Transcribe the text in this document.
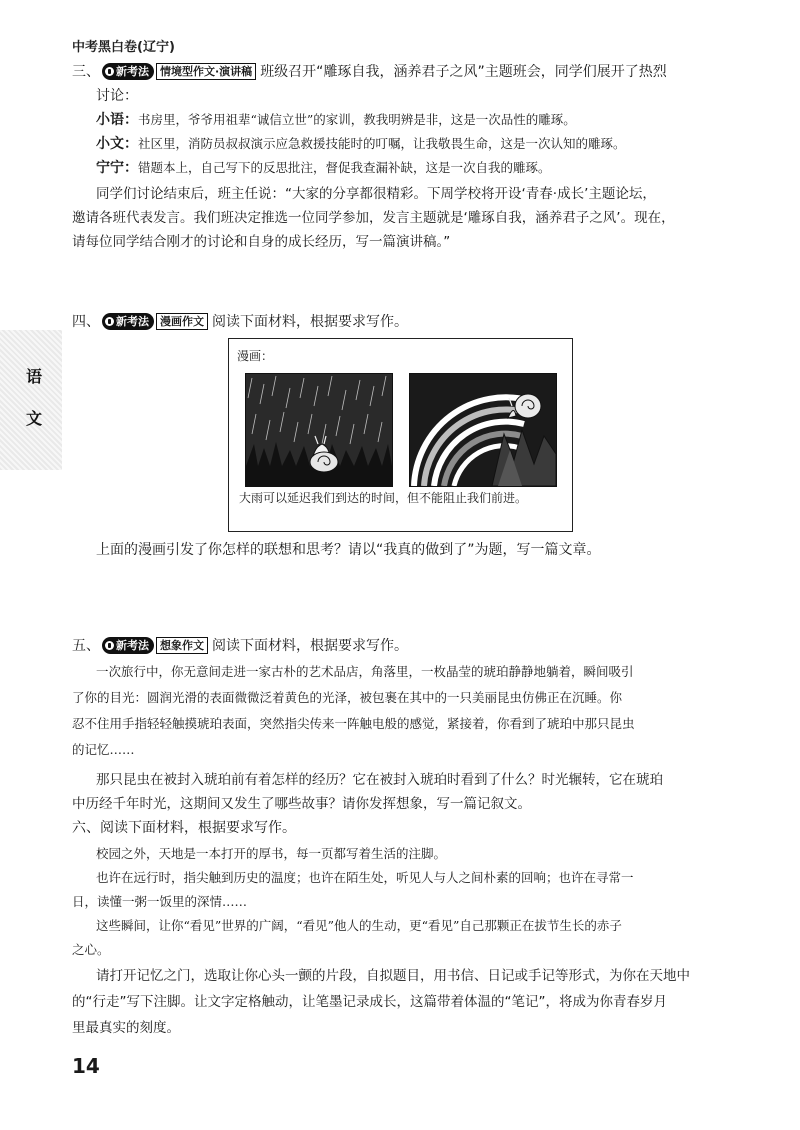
中考黑白卷(辽宁)
语
文
三、 新考法 情境型作文·演讲稿 班级召开“雕琢自我，涵养君子之风”主题班会，同学们展开了热烈
讨论：
小语：书房里，爷爷用祖辈“诚信立世”的家训，教我明辨是非，这是一次品性的雕琢。
小文：社区里，消防员叔叔演示应急救援技能时的叮嘱，让我敬畏生命，这是一次认知的雕琢。
宁宁：错题本上，自己写下的反思批注，督促我查漏补缺，这是一次自我的雕琢。
同学们讨论结束后，班主任说：“大家的分享都很精彩。下周学校将开设‘青春·成长’主题论坛，
邀请各班代表发言。我们班决定推选一位同学参加，发言主题就是‘雕琢自我，涵养君子之风’。现在，
请每位同学结合刚才的讨论和自身的成长经历，写一篇演讲稿。”
四、 新考法 漫画作文 阅读下面材料，根据要求写作。
漫画：
大雨可以延迟我们到达的时间，但不能阻止我们前进。
上面的漫画引发了你怎样的联想和思考？请以“我真的做到了”为题，写一篇文章。
五、 新考法 想象作文 阅读下面材料，根据要求写作。
一次旅行中，你无意间走进一家古朴的艺术品店，角落里，一枚晶莹的琥珀静静地躺着，瞬间吸引
了你的目光：圆润光滑的表面微微泛着黄色的光泽，被包裹在其中的一只美丽昆虫仿佛正在沉睡。你
忍不住用手指轻轻触摸琥珀表面，突然指尖传来一阵触电般的感觉，紧接着，你看到了琥珀中那只昆虫
的记忆……
那只昆虫在被封入琥珀前有着怎样的经历？它在被封入琥珀时看到了什么？时光辗转，它在琥珀
中历经千年时光，这期间又发生了哪些故事？请你发挥想象，写一篇记叙文。
六、阅读下面材料，根据要求写作。
校园之外，天地是一本打开的厚书，每一页都写着生活的注脚。
也许在远行时，指尖触到历史的温度；也许在陌生处，听见人与人之间朴素的回响；也许在寻常一
日，读懂一粥一饭里的深情……
这些瞬间，让你“看见”世界的广阔，“看见”他人的生动，更“看见”自己那颗正在拔节生长的赤子
之心。
请打开记忆之门，选取让你心头一颤的片段，自拟题目，用书信、日记或手记等形式，为你在天地中
的“行走”写下注脚。让文字定格触动，让笔墨记录成长，这篇带着体温的“笔记”，将成为你青春岁月
里最真实的刻度。
14
